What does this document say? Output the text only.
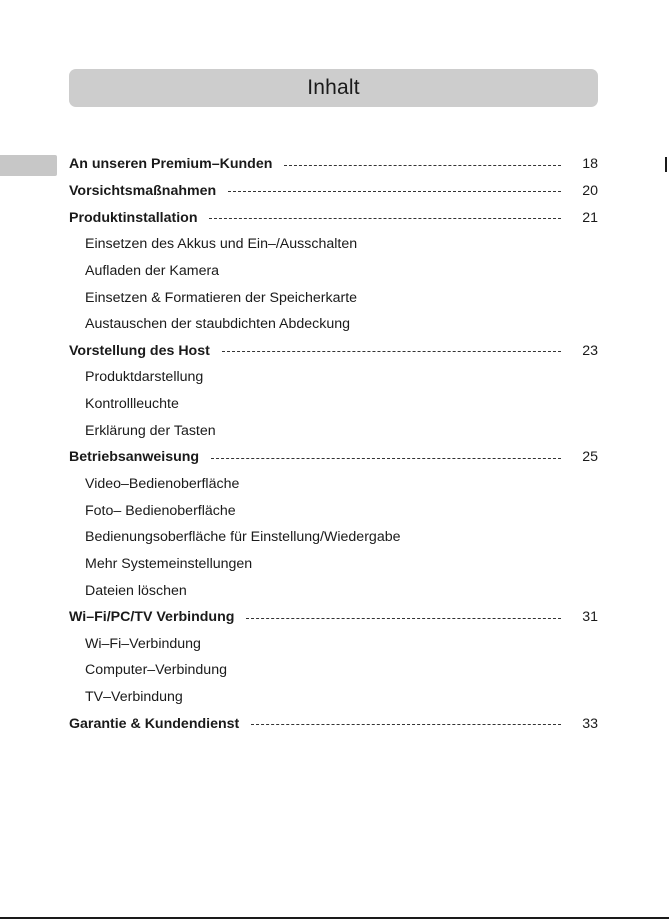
Inhalt
An unseren Premium–Kunden	18
Vorsichtsmaßnahmen	20
Produktinstallation	21
Einsetzen des Akkus und Ein–/Ausschalten
Aufladen der Kamera
Einsetzen & Formatieren der Speicherkarte
Austauschen der staubdichten Abdeckung
Vorstellung des Host	23
Produktdarstellung
Kontrollleuchte
Erklärung der Tasten
Betriebsanweisung	25
Video–Bedienoberfläche
Foto– Bedienoberfläche
Bedienungsoberfläche für Einstellung/Wiedergabe
Mehr Systemeinstellungen
Dateien löschen
Wi–Fi/PC/TV Verbindung	31
Wi–Fi–Verbindung
Computer–Verbindung
TV–Verbindung
Garantie & Kundendienst	33
